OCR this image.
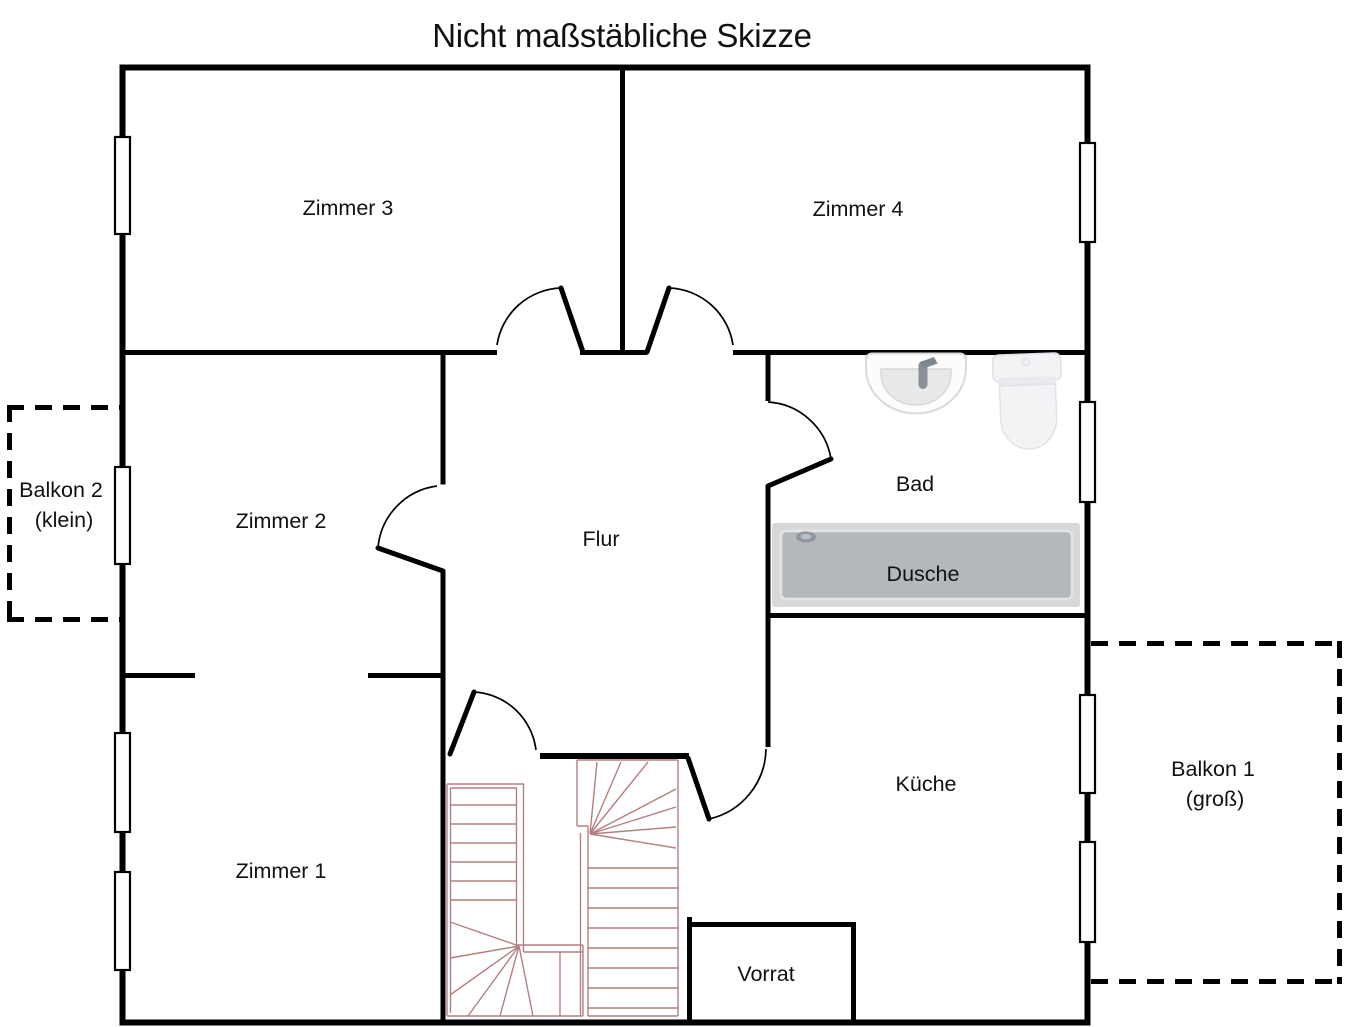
Nicht maßstäbliche Skizze
Zimmer 3	Zimmer 4
Zimmer 2
Flur
Bad
Dusche
Zimmer 1
Küche
Vorrat
Balkon 2
(klein)
Balkon 1
(groß)
